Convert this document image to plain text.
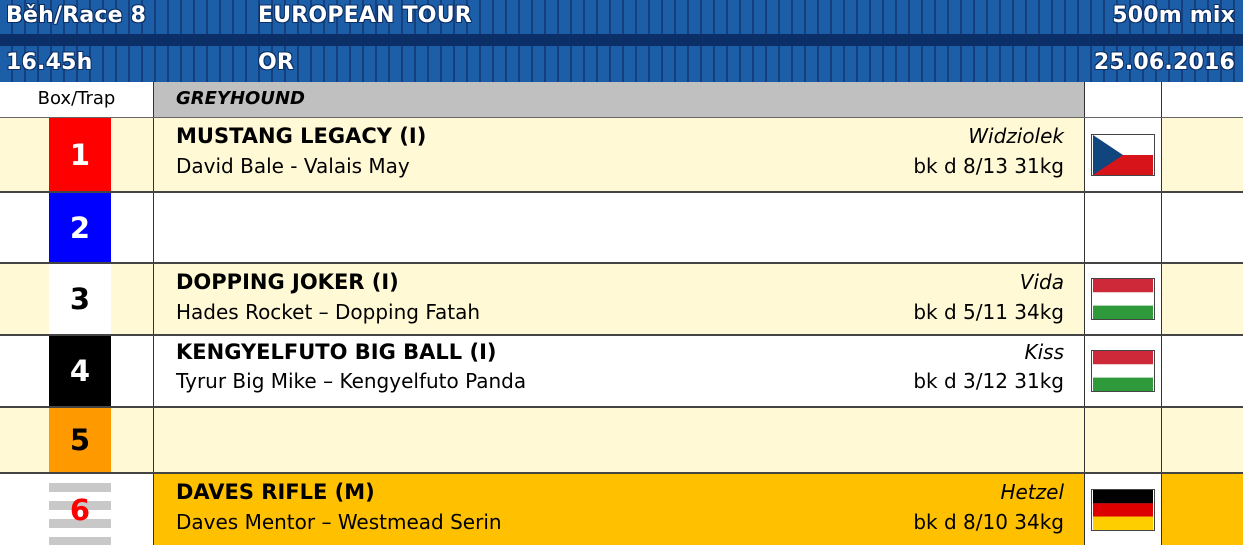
Běh/Race 8	EUROPEAN TOUR	500m mix
16.45h	OR	25.06.2016
Box/Trap	GREYHOUND
1
MUSTANG LEGACY (I)	Widziolek
David Bale - Valais May	bk d 8/13 31kg
2
3	DOPPING JOKER (I)	Vida
Hades Rocket – Dopping Fatah	bk d 5/11 34kg
4
KENGYELFUTO BIG BALL (I)	Kiss
Tyrur Big Mike – Kengyelfuto Panda	bk d 3/12 31kg
5
6
DAVES RIFLE (M)	Hetzel
Daves Mentor – Westmead Serin	bk d 8/10 34kg
